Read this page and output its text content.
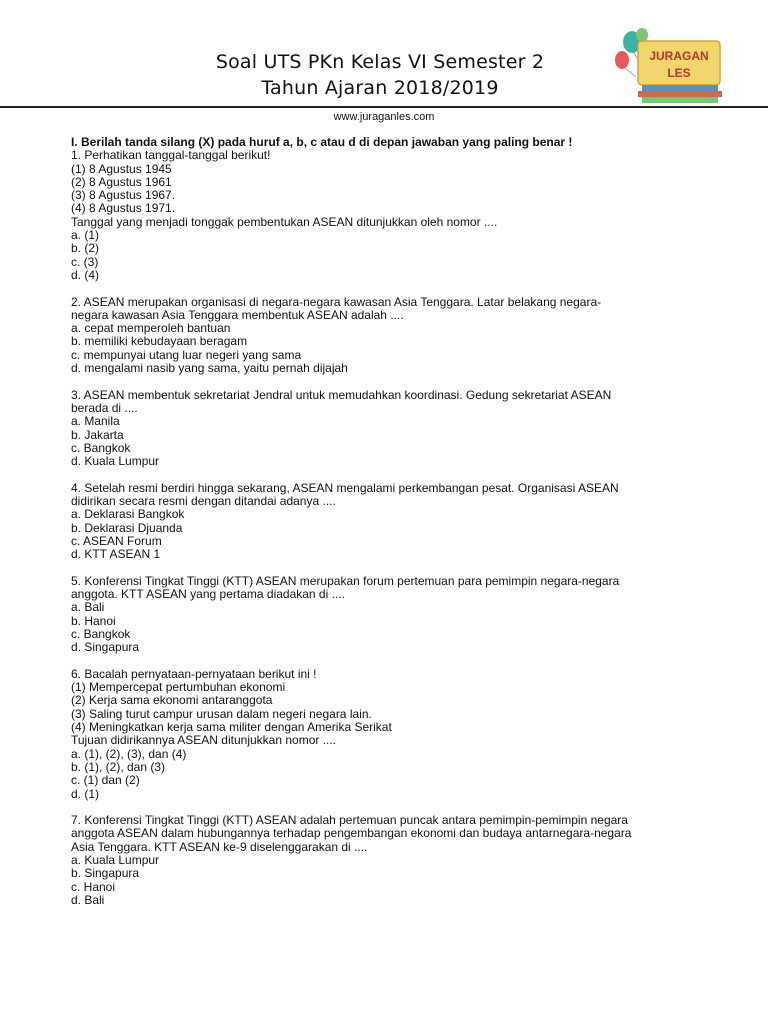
Soal UTS PKn Kelas VI Semester 2
Tahun Ajaran 2018/2019
JURAGAN
LES
www.juraganles.com
I. Berilah tanda silang (X) pada huruf a, b, c atau d di depan jawaban yang paling benar !
1. Perhatikan tanggal-tanggal berikut!
(1) 8 Agustus 1945
(2) 8 Agustus 1961
(3) 8 Agustus 1967.
(4) 8 Agustus 1971.
Tanggal yang menjadi tonggak pembentukan ASEAN ditunjukkan oleh nomor ....
a. (1)
b. (2)
c. (3)
d. (4)
2. ASEAN merupakan organisasi di negara-negara kawasan Asia Tenggara. Latar belakang negara-
negara kawasan Asia Tenggara membentuk ASEAN adalah ....
a. cepat memperoleh bantuan
b. memiliki kebudayaan beragam
c. mempunyai utang luar negeri yang sama
d. mengalami nasib yang sama, yaitu pernah dijajah
3. ASEAN membentuk sekretariat Jendral untuk memudahkan koordinasi. Gedung sekretariat ASEAN
berada di ....
a. Manila
b. Jakarta
c. Bangkok
d. Kuala Lumpur
4. Setelah resmi berdiri hingga sekarang, ASEAN mengalami perkembangan pesat. Organisasi ASEAN
didirikan secara resmi dengan ditandai adanya ....
a. Deklarasi Bangkok
b. Deklarasi Djuanda
c. ASEAN Forum
d. KTT ASEAN 1
5. Konferensi Tingkat Tinggi (KTT) ASEAN merupakan forum pertemuan para pemimpin negara-negara
anggota. KTT ASEAN yang pertama diadakan di ....
a. Bali
b. Hanoi
c. Bangkok
d. Singapura
6. Bacalah pernyataan-pernyataan berikut ini !
(1) Mempercepat pertumbuhan ekonomi
(2) Kerja sama ekonomi antaranggota
(3) Saling turut campur urusan dalam negeri negara lain.
(4) Meningkatkan kerja sama militer dengan Amerika Serikat
Tujuan didirikannya ASEAN ditunjukkan nomor ....
a. (1), (2), (3), dan (4)
b. (1), (2), dan (3)
c. (1) dan (2)
d. (1)
7. Konferensi Tingkat Tinggi (KTT) ASEAN adalah pertemuan puncak antara pemimpin-pemimpin negara
anggota ASEAN dalam hubungannya terhadap pengembangan ekonomi dan budaya antarnegara-negara
Asia Tenggara. KTT ASEAN ke-9 diselenggarakan di ....
a. Kuala Lumpur
b. Singapura
c. Hanoi
d. Bali
